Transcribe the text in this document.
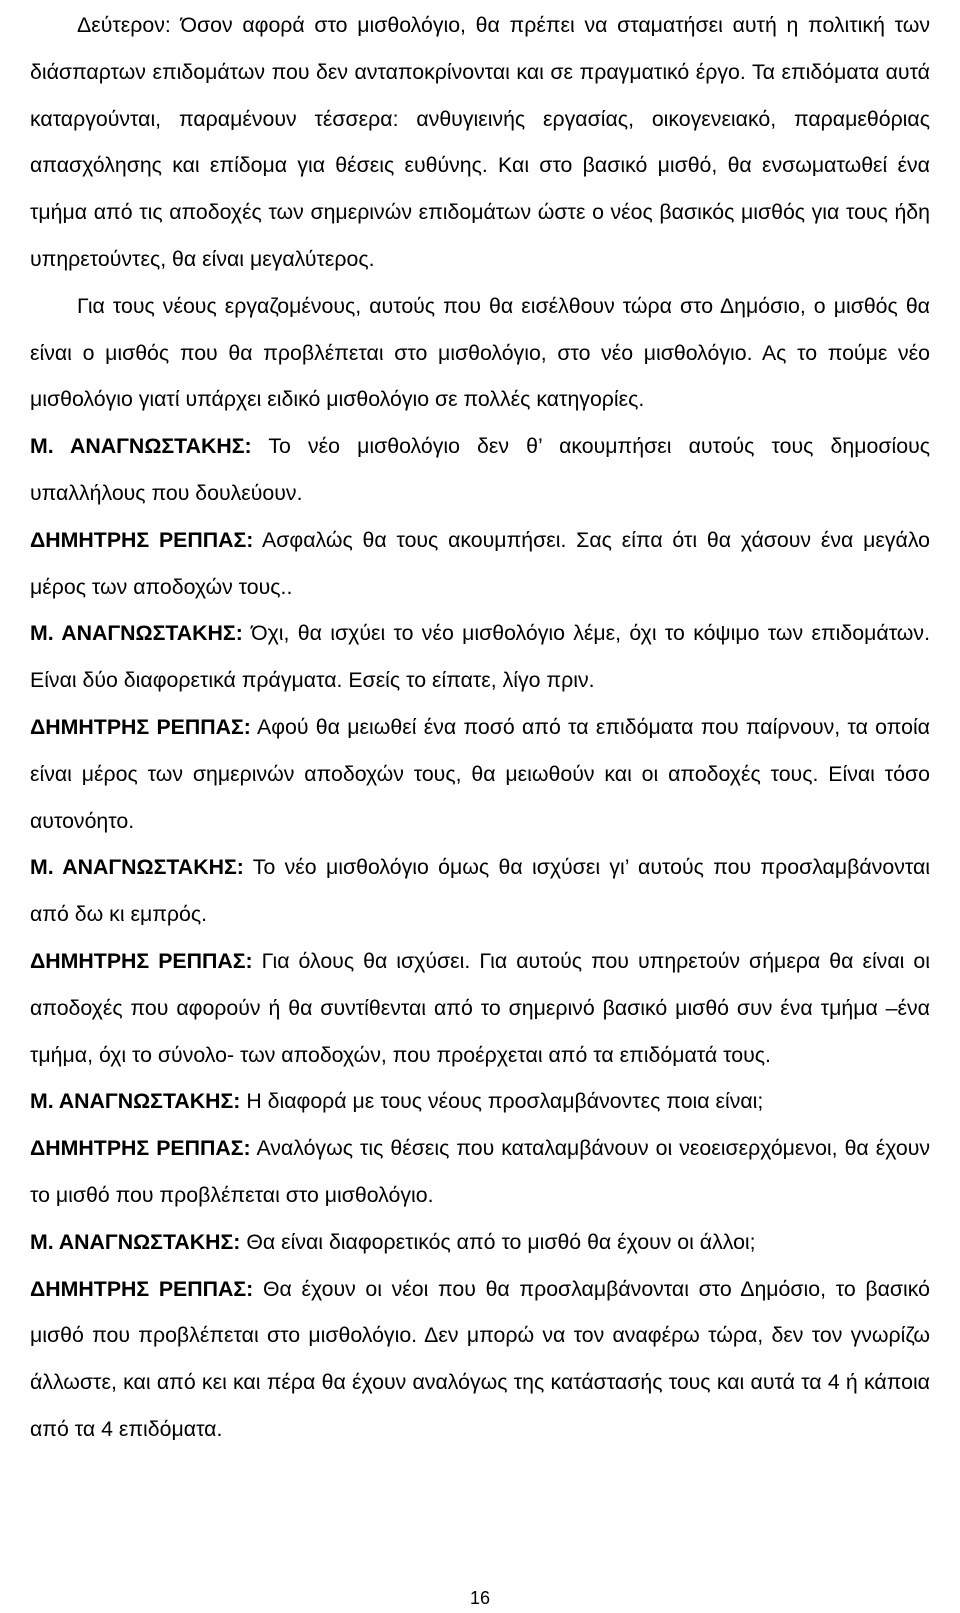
Δεύτερον: Όσον αφορά στο μισθολόγιο, θα πρέπει να σταματήσει αυτή η πολιτική των διάσπαρτων επιδομάτων που δεν ανταποκρίνονται και σε πραγματικό έργο. Τα επιδόματα αυτά καταργούνται, παραμένουν τέσσερα: ανθυγιεινής εργασίας, οικογενειακό, παραμεθόριας απασχόλησης και επίδομα για θέσεις ευθύνης. Και στο βασικό μισθό, θα ενσωματωθεί ένα τμήμα από τις αποδοχές των σημερινών επιδομάτων ώστε ο νέος βασικός μισθός για τους ήδη υπηρετούντες, θα είναι μεγαλύτερος.

Για τους νέους εργαζομένους, αυτούς που θα εισέλθουν τώρα στο Δημόσιο, ο μισθός θα είναι ο μισθός που θα προβλέπεται στο μισθολόγιο, στο νέο μισθολόγιο. Ας το πούμε νέο μισθολόγιο γιατί υπάρχει ειδικό μισθολόγιο σε πολλές κατηγορίες.

Μ. ΑΝΑΓΝΩΣΤΑΚΗΣ: Το νέο μισθολόγιο δεν θ’ ακουμπήσει αυτούς τους δημοσίους υπαλλήλους που δουλεύουν.

ΔΗΜΗΤΡΗΣ ΡΕΠΠΑΣ: Ασφαλώς θα τους ακουμπήσει. Σας είπα ότι θα χάσουν ένα μεγάλο μέρος των αποδοχών τους..

Μ. ΑΝΑΓΝΩΣΤΑΚΗΣ: Όχι, θα ισχύει το νέο μισθολόγιο λέμε, όχι το κόψιμο των επιδομάτων. Είναι δύο διαφορετικά πράγματα. Εσείς το είπατε, λίγο πριν.

ΔΗΜΗΤΡΗΣ ΡΕΠΠΑΣ: Αφού θα μειωθεί ένα ποσό από τα επιδόματα που παίρνουν, τα οποία είναι μέρος των σημερινών αποδοχών τους, θα μειωθούν και οι αποδοχές τους. Είναι τόσο αυτονόητο.

Μ. ΑΝΑΓΝΩΣΤΑΚΗΣ: Το νέο μισθολόγιο όμως θα ισχύσει γι’ αυτούς που προσλαμβάνονται από δω κι εμπρός.

ΔΗΜΗΤΡΗΣ ΡΕΠΠΑΣ: Για όλους θα ισχύσει. Για αυτούς που υπηρετούν σήμερα θα είναι οι αποδοχές που αφορούν ή θα συντίθενται από το σημερινό βασικό μισθό συν ένα τμήμα –ένα τμήμα, όχι το σύνολο- των αποδοχών, που προέρχεται από τα επιδόματά τους.

Μ. ΑΝΑΓΝΩΣΤΑΚΗΣ: Η διαφορά με τους νέους προσλαμβάνοντες ποια είναι;

ΔΗΜΗΤΡΗΣ ΡΕΠΠΑΣ: Αναλόγως τις θέσεις που καταλαμβάνουν οι νεοεισερχόμενοι, θα έχουν το μισθό που προβλέπεται στο μισθολόγιο.

Μ. ΑΝΑΓΝΩΣΤΑΚΗΣ: Θα είναι διαφορετικός από το μισθό θα έχουν οι άλλοι;

ΔΗΜΗΤΡΗΣ ΡΕΠΠΑΣ: Θα έχουν οι νέοι που θα προσλαμβάνονται στο Δημόσιο, το βασικό μισθό που προβλέπεται στο μισθολόγιο. Δεν μπορώ να τον αναφέρω τώρα, δεν τον γνωρίζω άλλωστε, και από κει και πέρα θα έχουν αναλόγως της κατάστασής τους και αυτά τα 4 ή κάποια από τα 4 επιδόματα.

16
